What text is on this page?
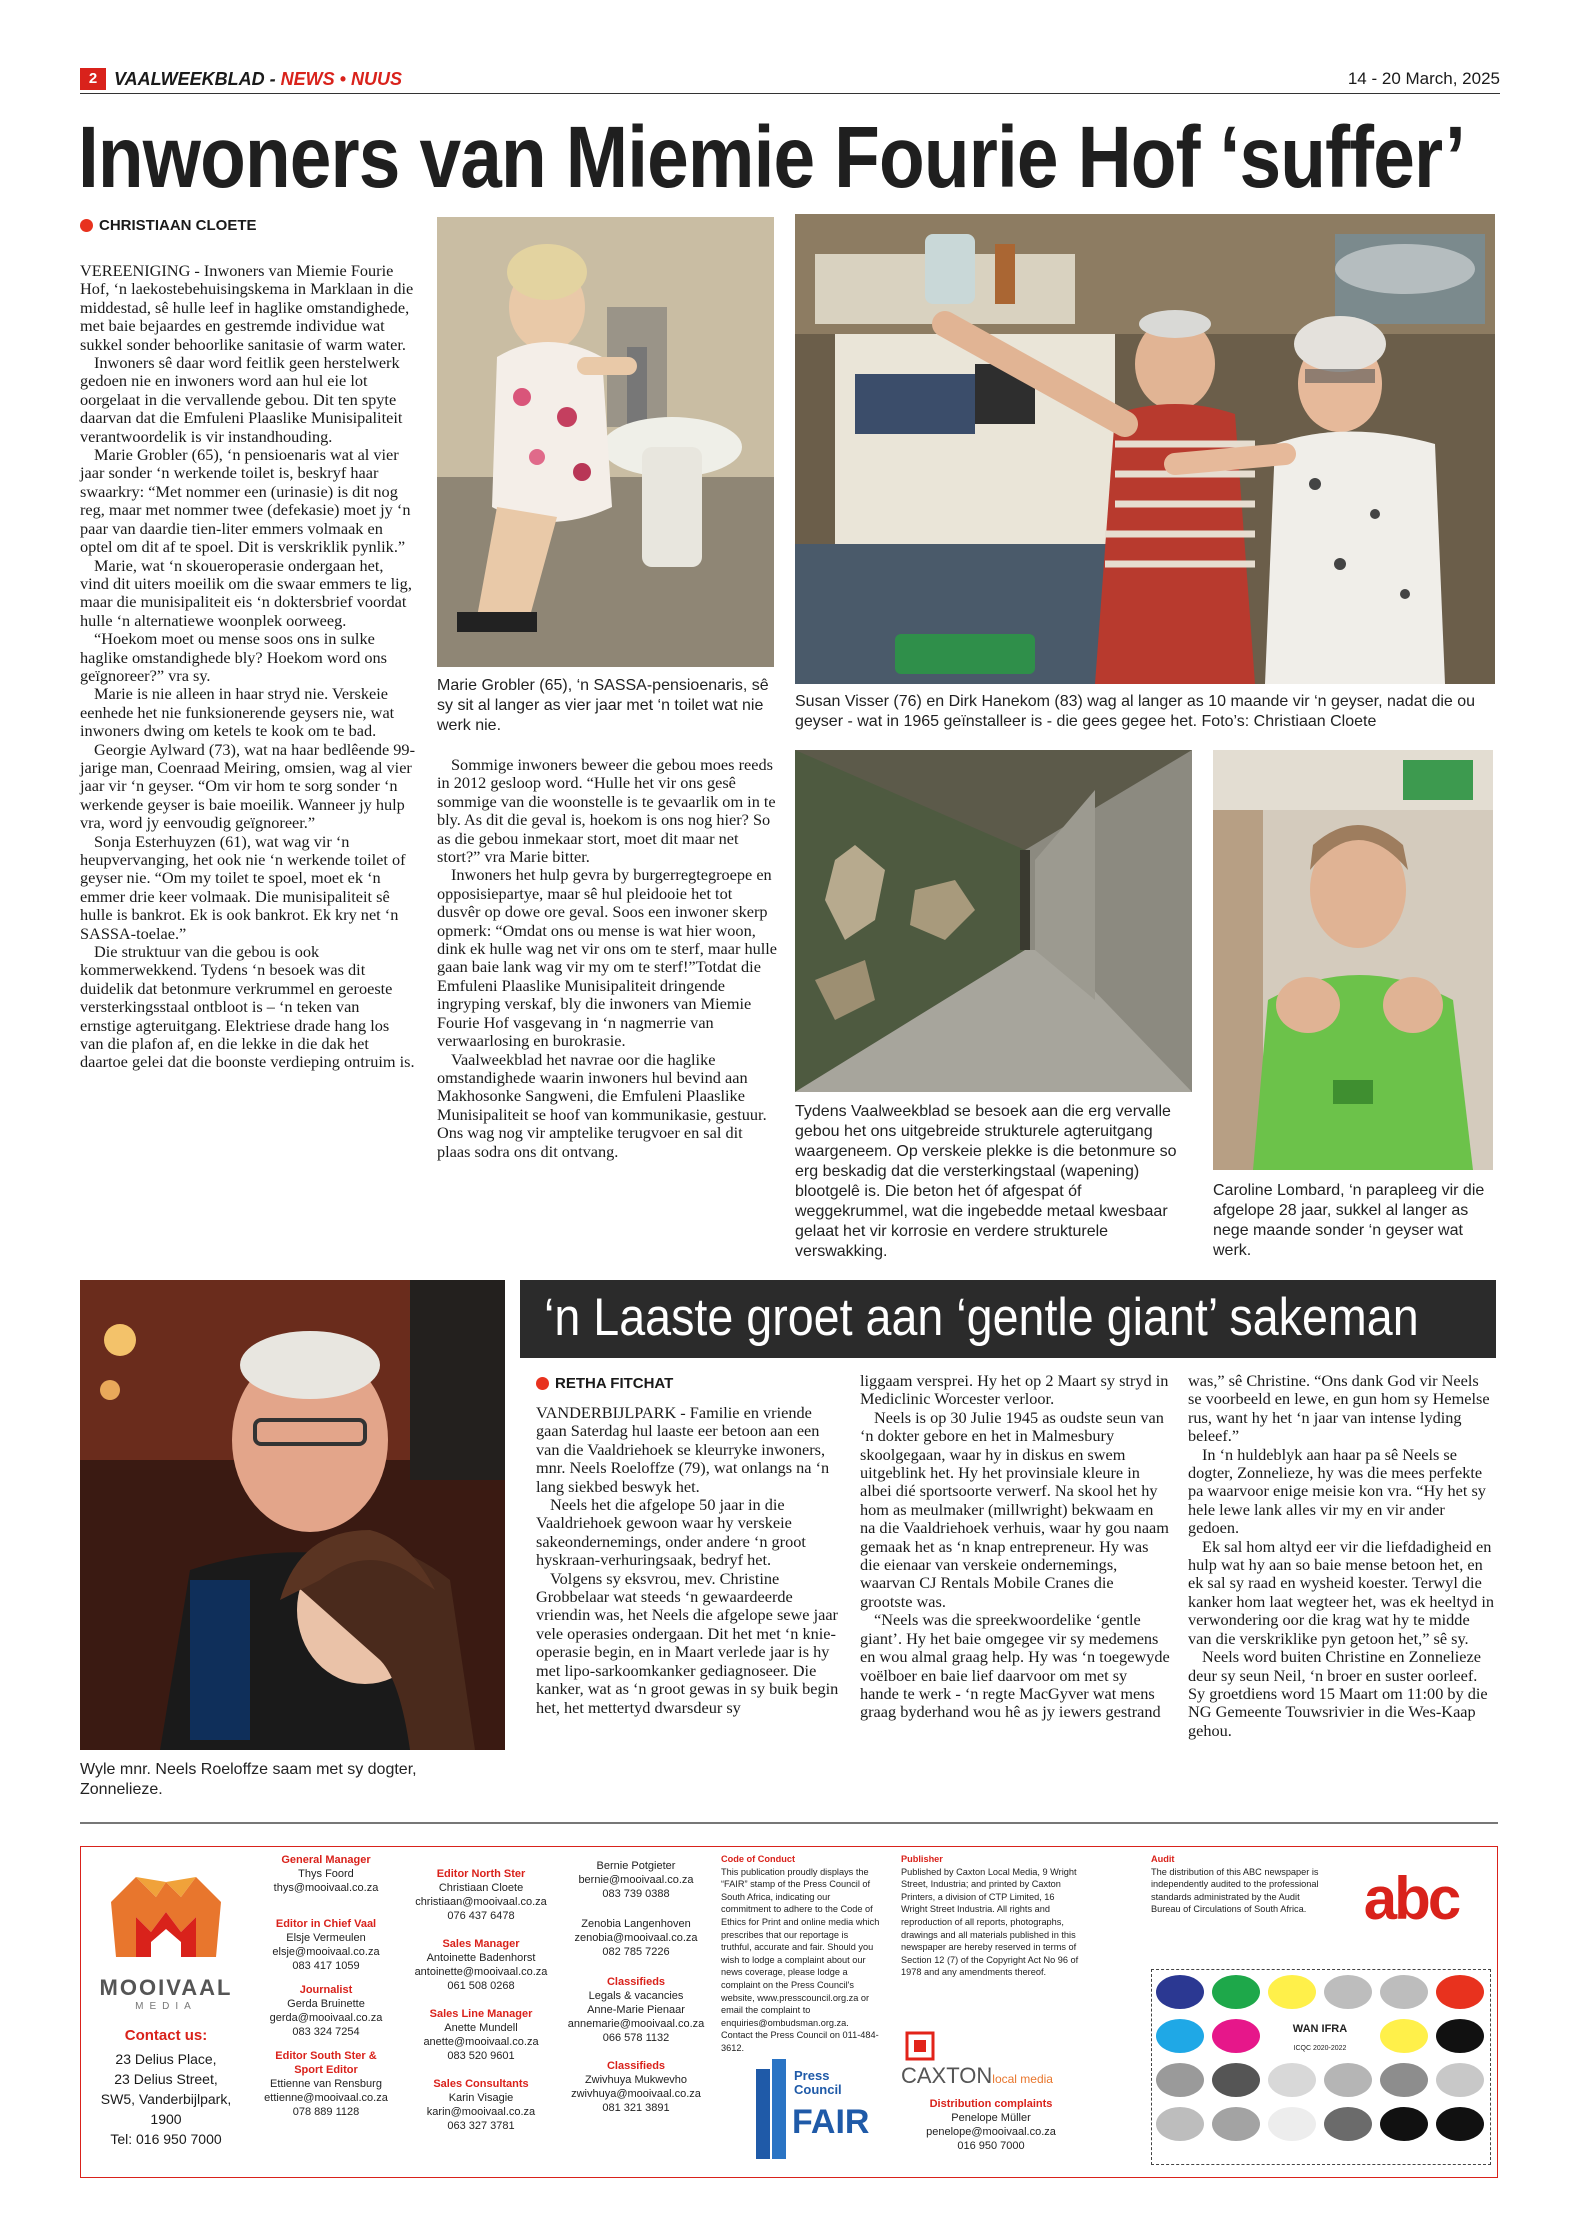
2 VAALWEEKBLAD - NEWS • NUUS	14 - 20 March, 2025
Inwoners van Miemie Fourie Hof ‘suffer’
CHRISTIAAN CLOETE

VEREENIGING - Inwoners van Miemie Fourie Hof, ‘n laekostebehuisingskema in Marklaan in die middestad, sê hulle leef in haglike omstandighede, met baie bejaardes en gestremde individue wat sukkel sonder behoorlike sanitasie of warm water.

Inwoners sê daar word feitlik geen herstelwerk gedoen nie en inwoners word aan hul eie lot oorgelaat in die vervallende gebou. Dit ten spyte daarvan dat die Emfuleni Plaaslike Munisipaliteit verantwoordelik is vir instandhouding.

Marie Grobler (65), ‘n pensioenaris wat al vier jaar sonder ‘n werkende toilet is, beskryf haar swaarkry: “Met nommer een (urinasie) is dit nog reg, maar met nommer twee (defekasie) moet jy ‘n paar van daardie tien-liter emmers volmaak en optel om dit af te spoel. Dit is verskriklik pynlik.”

Marie, wat ‘n skoueroperasie ondergaan het, vind dit uiters moeilik om die swaar emmers te lig, maar die munisipaliteit eis ‘n doktersbrief voordat hulle ‘n alternatiewe woonplek oorweeg.

“Hoekom moet ou mense soos ons in sulke haglike omstandighede bly? Hoekom word ons geïgnoreer?” vra sy.

Marie is nie alleen in haar stryd nie. Verskeie eenhede het nie funksionerende geysers nie, wat inwoners dwing om ketels te kook om te bad.

Georgie Aylward (73), wat na haar bedlêende 99-jarige man, Coenraad Meiring, omsien, wag al vier jaar vir ‘n geyser. “Om vir hom te sorg sonder ‘n werkende geyser is baie moeilik. Wanneer jy hulp vra, word jy eenvoudig geïgnoreer.”

Sonja Esterhuyzen (61), wat wag vir ‘n heupvervanging, het ook nie ‘n werkende toilet of geyser nie. “Om my toilet te spoel, moet ek ‘n emmer drie keer volmaak. Die munisipaliteit sê hulle is bankrot. Ek is ook bankrot. Ek kry net ‘n SASSA-toelae.”

Die struktuur van die gebou is ook kommerwekkend. Tydens ‘n besoek was dit duidelik dat betonmure verkrummel en geroeste versterkingsstaal ontbloot is – ‘n teken van ernstige agteruitgang. Elektriese drade hang los van die plafon af, en die lekke in die dak het daartoe gelei dat die boonste verdieping ontruim is.

Marie Grobler (65), ‘n SASSA-pensioenaris, sê sy sit al langer as vier jaar met ‘n toilet wat nie werk nie.
Susan Visser (76) en Dirk Hanekom (83) wag al langer as 10 maande vir ‘n geyser, nadat die ou geyser - wat in 1965 geïnstalleer is - die gees gegee het. Foto’s: Christiaan Cloete

Sommige inwoners beweer die gebou moes reeds in 2012 gesloop word. “Hulle het vir ons gesê sommige van die woonstelle is te gevaarlik om in te bly. As dit die geval is, hoekom is ons nog hier? So as die gebou inmekaar stort, moet dit maar net stort?” vra Marie bitter.

Inwoners het hulp gevra by burgerregtegroepe en opposisiepartye, maar sê hul pleidooie het tot dusvêr op dowe ore geval. Soos een inwoner skerp opmerk: “Omdat ons ou mense is wat hier woon, dink ek hulle wag net vir ons om te sterf, maar hulle gaan baie lank wag vir my om te sterf!”Totdat die Emfuleni Plaaslike Munisipaliteit dringende ingryping verskaf, bly die inwoners van Miemie Fourie Hof vasgevang in ‘n nagmerrie van verwaarlosing en burokrasie.

Vaalweekblad het navrae oor die haglike omstandighede waarin inwoners hul bevind aan Makhosonke Sangweni, die Emfuleni Plaaslike Munisipaliteit se hoof van kommunikasie, gestuur. Ons wag nog vir amptelike terugvoer en sal dit plaas sodra ons dit ontvang.

Tydens Vaalweekblad se besoek aan die erg vervalle gebou het ons uitgebreide strukturele agteruitgang waargeneem. Op verskeie plekke is die betonmure so erg beskadig dat die versterkingstaal (wapening) blootgelê is. Die beton het óf afgespat óf weggekrummel, wat die ingebedde metaal kwesbaar gelaat het vir korrosie en verdere strukturele verswakking.
Caroline Lombard, ‘n parapleeg vir die afgelope 28 jaar, sukkel al langer as nege maande sonder ‘n geyser wat werk.
Wyle mnr. Neels Roeloffze saam met sy dogter, Zonnelieze.
‘n Laaste groet aan ‘gentle giant’ sakeman
RETHA FITCHAT

VANDERBIJLPARK - Familie en vriende gaan Saterdag hul laaste eer betoon aan een van die Vaaldriehoek se kleurryke inwoners, mnr. Neels Roeloffze (79), wat onlangs na ‘n lang siekbed beswyk het.

Neels het die afgelope 50 jaar in die Vaaldriehoek gewoon waar hy verskeie sakeondernemings, onder andere ‘n groot hyskraan-verhuringsaak, bedryf het.

Volgens sy eksvrou, mev. Christine Grobbelaar wat steeds ‘n gewaardeerde vriendin was, het Neels die afgelope sewe jaar vele operasies ondergaan. Dit het met ‘n knie-operasie begin, en in Maart verlede jaar is hy met lipo-sarkoomkanker gediagnoseer. Die kanker, wat as ‘n groot gewas in sy buik begin het, het mettertyd dwarsdeur sy

liggaam versprei. Hy het op 2 Maart sy stryd in Mediclinic Worcester verloor.

Neels is op 30 Julie 1945 as oudste seun van ‘n dokter gebore en het in Malmesbury skoolgegaan, waar hy in diskus en swem uitgeblink het. Hy het provinsiale kleure in albei dié sportsoorte verwerf. Na skool het hy hom as meulmaker (millwright) bekwaam en na die Vaaldriehoek verhuis, waar hy gou naam gemaak het as ‘n knap entrepreneur. Hy was die eienaar van verskeie ondernemings, waarvan CJ Rentals Mobile Cranes die grootste was.

“Neels was die spreekwoordelike ‘gentle giant’. Hy het baie omgegee vir sy medemens en wou almal graag help. Hy was ‘n toegewyde voëlboer en baie lief daarvoor om met sy hande te werk - ‘n regte MacGyver wat mens graag byderhand wou hê as jy iewers gestrand

was,” sê Christine. “Ons dank God vir Neels se voorbeeld en lewe, en gun hom sy Hemelse rus, want hy het ‘n jaar van intense lyding beleef.”

In ‘n huldeblyk aan haar pa sê Neels se dogter, Zonnelieze, hy was die mees perfekte pa waarvoor enige meisie kon vra. “Hy het sy hele lewe lank alles vir my en vir ander gedoen.

Ek sal hom altyd eer vir die liefdadigheid en hulp wat hy aan so baie mense betoon het, en ek sal sy raad en wysheid koester. Terwyl die kanker hom laat wegteer het, was ek heeltyd in verwondering oor die krag wat hy te midde van die verskriklike pyn getoon het,” sê sy.

Neels word buiten Christine en Zonnelieze deur sy seun Neil, ‘n broer en suster oorleef. Sy groetdiens word 15 Maart om 11:00 by die NG Gemeente Touwsrivier in die Wes-Kaap gehou.

MOOIVAAL
MEDIA
Contact us:
23 Delius Place,
23 Delius Street,
SW5, Vanderbijlpark,
1900
Tel: 016 950 7000
General Manager
Thys Foord
thys@mooivaal.co.za
Editor in Chief Vaal
Elsje Vermeulen
elsje@mooivaal.co.za
083 417 1059
Journalist
Gerda Bruinette
gerda@mooivaal.co.za
083 324 7254
Editor South Ster & Sport Editor
Ettienne van Rensburg
ettienne@mooivaal.co.za
078 889 1128
Editor North Ster
Christiaan Cloete
christiaan@mooivaal.co.za
076 437 6478
Sales Manager
Antoinette Badenhorst
antoinette@mooivaal.co.za
061 508 0268
Sales Line Manager
Anette Mundell
anette@mooivaal.co.za
083 520 9601
Sales Consultants
Karin Visagie
karin@mooivaal.co.za
063 327 3781
Bernie Potgieter
bernie@mooivaal.co.za
083 739 0388
Zenobia Langenhoven
zenobia@mooivaal.co.za
082 785 7226
Classifieds
Legals & vacancies
Anne-Marie Pienaar
annemarie@mooivaal.co.za
066 578 1132
Classifieds
Zwivhuya Mukwevho
zwivhuya@mooivaal.co.za
081 321 3891
Code of Conduct
This publication proudly displays the “FAIR” stamp of the Press Council of South Africa, indicating our commitment to adhere to the Code of Ethics for Print and online media which prescribes that our reportage is truthful, accurate and fair. Should you wish to lodge a complaint about our news coverage, please lodge a complaint on the Press Council's website, www.presscouncil.org.za or email the complaint to enquiries@ombudsman.org.za. Contact the Press Council on 011-484-3612.
Press
Council
FAIR
Publisher
Published by Caxton Local Media, 9 Wright Street, Industria; and printed by Caxton Printers, a division of CTP Limited, 16 Wright Street Industria. All rights and reproduction of all reports, photographs, drawings and all materials published in this newspaper are hereby reserved in terms of Section 12 (7) of the Copyright Act No 96 of 1978 and any amendments thereof.
CAXTONlocal media
Distribution complaints
Penelope Müller
penelope@mooivaal.co.za
016 950 7000
Audit
The distribution of this ABC newspaper is independently audited to the professional standards administrated by the Audit Bureau of Circulations of South Africa. abc
WAN IFRA
ICQC 2020-2022
